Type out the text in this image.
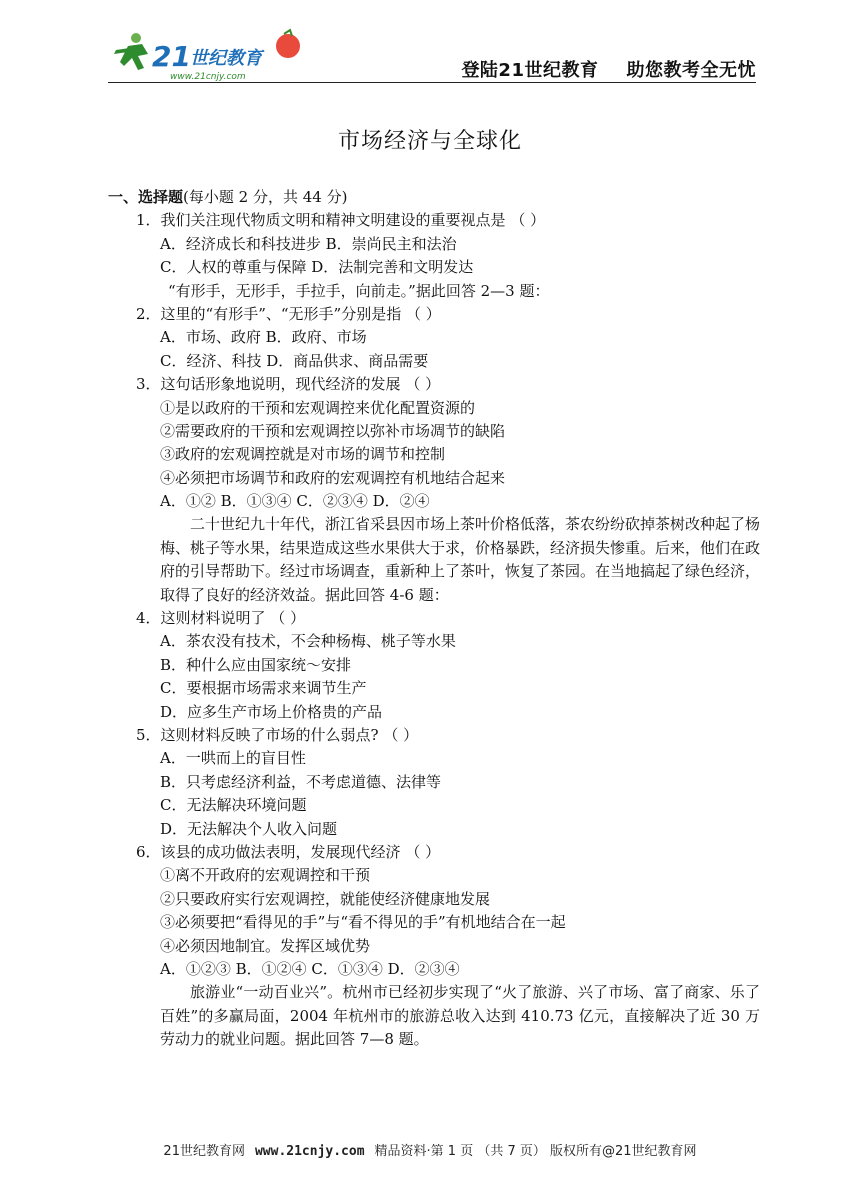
21 世纪教育
www.21cnjy.com	登陆21世纪教育 助您教考全无忧
市场经济与全球化
一、选择题(每小题 2 分，共 44 分)
1．我们关注现代物质文明和精神文明建设的重要视点是 （ ）
A．经济成长和科技进步 B．崇尚民主和法治
C．人权的尊重与保障 D．法制完善和文明发达
“有形手，无形手，手拉手，向前走。”据此回答 2—3 题：
2．这里的“有形手”、“无形手”分别是指 （ ）
A．市场、政府 B．政府、市场
C．经济、科技 D．商品供求、商品需要
3．这句话形象地说明，现代经济的发展 （ ）
①是以政府的干预和宏观调控来优化配置资源的
②需要政府的干预和宏观调控以弥补市场凋节的缺陷
③政府的宏观调控就是对市场的调节和控制
④必须把市场调节和政府的宏观调控有机地结合起来
A．①② B．①③④ C．②③④ D．②④
二十世纪九十年代，浙江省采县因市场上茶叶价格低落，茶农纷纷砍掉茶树改种起了杨梅、桃子等水果，结果造成这些水果供大于求，价格暴跌，经济损失惨重。后来，他们在政府的引导帮助下。经过市场调查，重新种上了茶叶，恢复了茶园。在当地搞起了绿色经济，取得了良好的经济效益。据此回答 4-6 题：
4．这则材料说明了 （ ）
A．茶农没有技术，不会种杨梅、桃子等水果
B．种什么应由国家统～安排
C．要根据市场需求来调节生产
D．应多生产市场上价格贵的产品
5．这则材料反映了市场的什么弱点? （ ）
A．一哄而上的盲目性
B．只考虑经济利益，不考虑道德、法律等
C．无法解决环境问题
D．无法解决个人收入问题
6．该县的成功做法表明，发展现代经济 （ ）
①离不开政府的宏观调控和干预
②只要政府实行宏观调控，就能使经济健康地发展
③必须要把“看得见的手”与“看不得见的手”有机地结合在一起
④必须因地制宜。发挥区域优势
A．①②③ B．①②④ C．①③④ D．②③④
旅游业“一动百业兴”。杭州市已经初步实现了“火了旅游、兴了市场、富了商家、乐了百姓”的多赢局面，2004 年杭州市的旅游总收入达到 410.73 亿元，直接解决了近 30 万劳动力的就业问题。据此回答 7—8 题。
21世纪教育网 www.21cnjy.com 精品资料·第 1 页 （共 7 页） 版权所有@21世纪教育网
